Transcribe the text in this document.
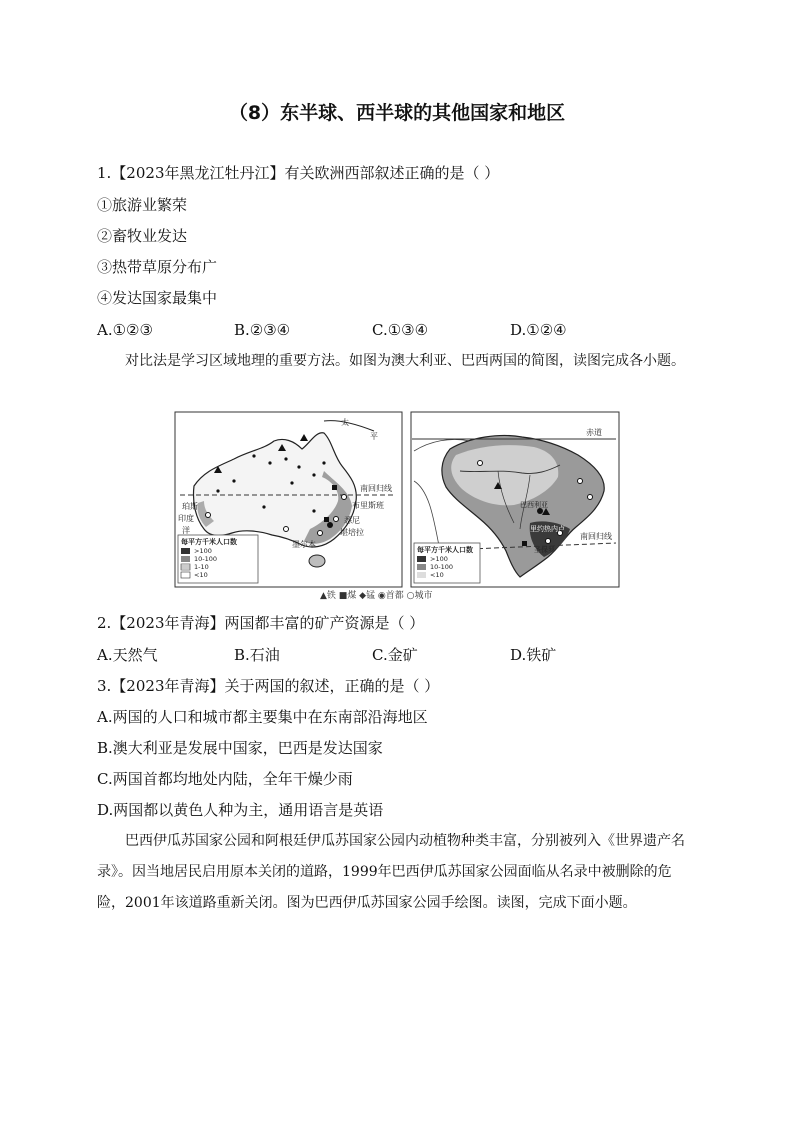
（8）东半球、西半球的其他国家和地区
1.【2023年黑龙江牡丹江】有关欧洲西部叙述正确的是（ ）
①旅游业繁荣
②畜牧业发达
③热带草原分布广
④发达国家最集中
A.①②③	B.②③④	C.①③④	D.①②④
对比法是学习区域地理的重要方法。如图为澳大利亚、巴西两国的简图，读图完成各小题。
太
平
南回归线
印度
洋
布里斯班
悉尼
堪培拉
墨尔本
珀斯
每平方千米人口数
>100
10-100
1-10
<10
赤道
南回归线
巴西利亚
里约热内卢
圣保罗
每平方千米人口数
>100
10-100
<10
▲铁 ■煤 ◆锰 ◉首都 ○城市
2.【2023年青海】两国都丰富的矿产资源是（ ）
A.天然气	B.石油	C.金矿	D.铁矿
3.【2023年青海】关于两国的叙述，正确的是（ ）
A.两国的人口和城市都主要集中在东南部沿海地区
B.澳大利亚是发展中国家，巴西是发达国家
C.两国首都均地处内陆，全年干燥少雨
D.两国都以黄色人种为主，通用语言是英语
巴西伊瓜苏国家公园和阿根廷伊瓜苏国家公园内动植物种类丰富，分别被列入《世界遗产名录》。因当地居民启用原本关闭的道路，1999年巴西伊瓜苏国家公园面临从名录中被删除的危险，2001年该道路重新关闭。图为巴西伊瓜苏国家公园手绘图。读图，完成下面小题。
